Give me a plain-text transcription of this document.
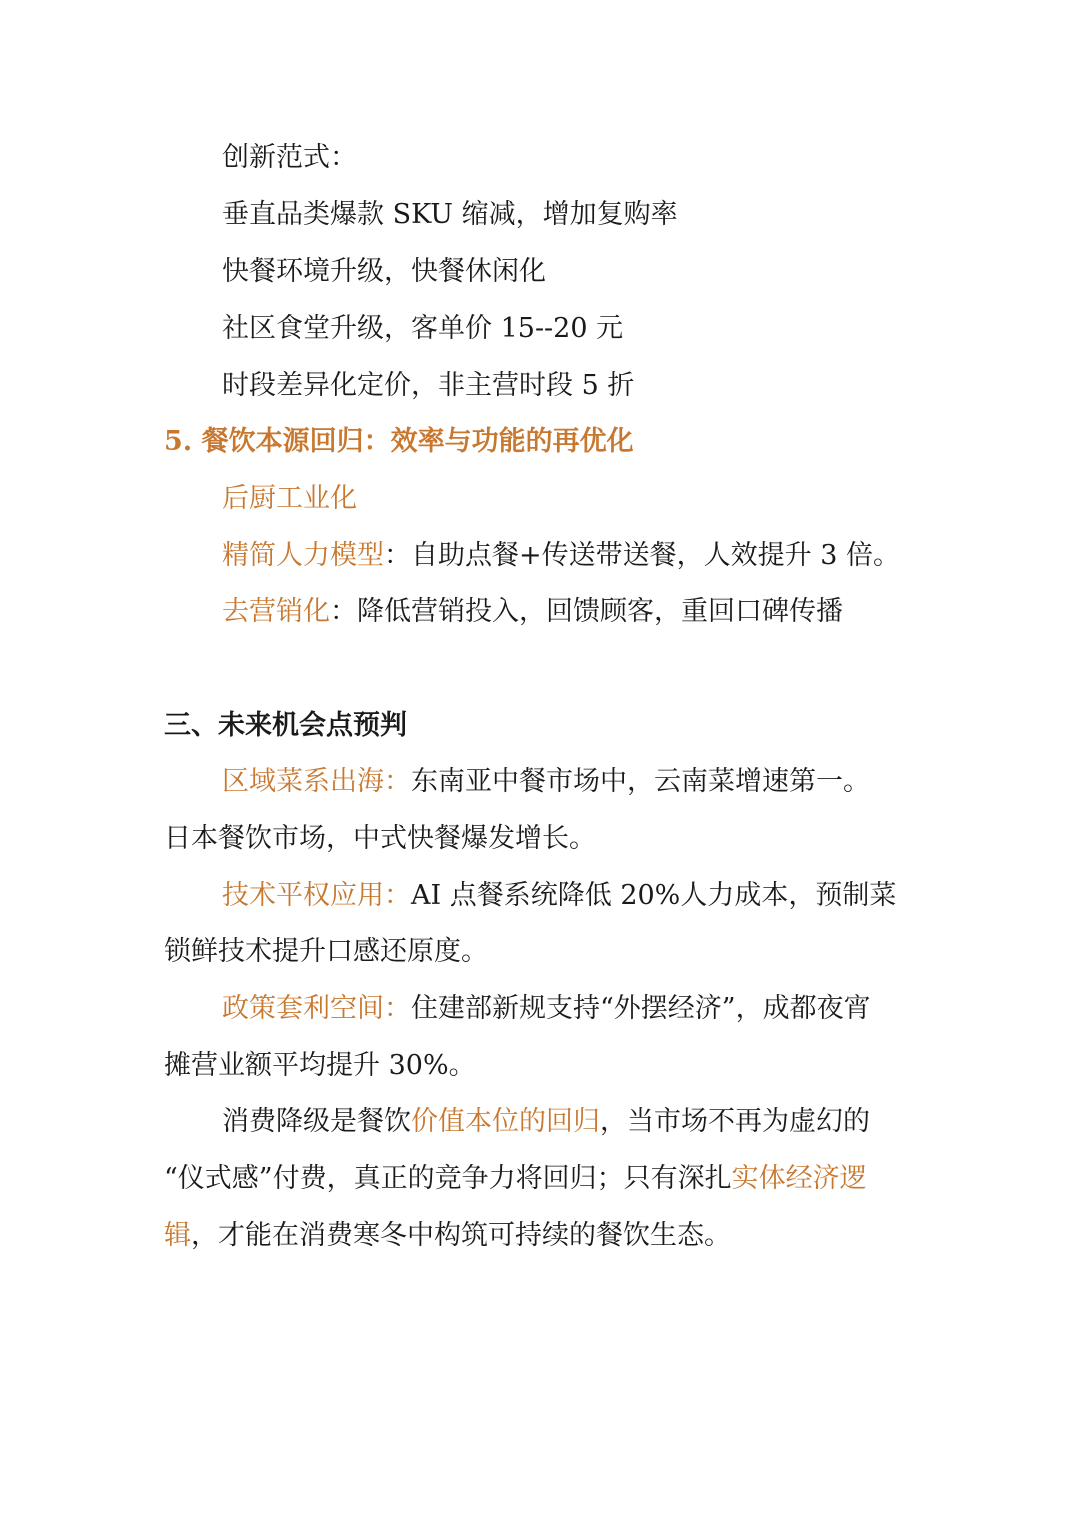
创新范式：
垂直品类爆款 SKU 缩减，增加复购率
快餐环境升级，快餐休闲化
社区食堂升级，客单价 15--20 元
时段差异化定价，非主营时段 5 折
5. 餐饮本源回归：效率与功能的再优化
后厨工业化
精简人力模型：自助点餐+传送带送餐，人效提升 3 倍。
去营销化：降低营销投入，回馈顾客，重回口碑传播
三、未来机会点预判
区域菜系出海：东南亚中餐市场中，云南菜增速第一。
日本餐饮市场，中式快餐爆发增长。
技术平权应用：AI 点餐系统降低 20%人力成本，预制菜
锁鲜技术提升口感还原度。
政策套利空间：住建部新规支持“外摆经济”，成都夜宵
摊营业额平均提升 30%。
消费降级是餐饮价值本位的回归，当市场不再为虚幻的
“仪式感”付费，真正的竞争力将回归；只有深扎实体经济逻
辑，才能在消费寒冬中构筑可持续的餐饮生态。
